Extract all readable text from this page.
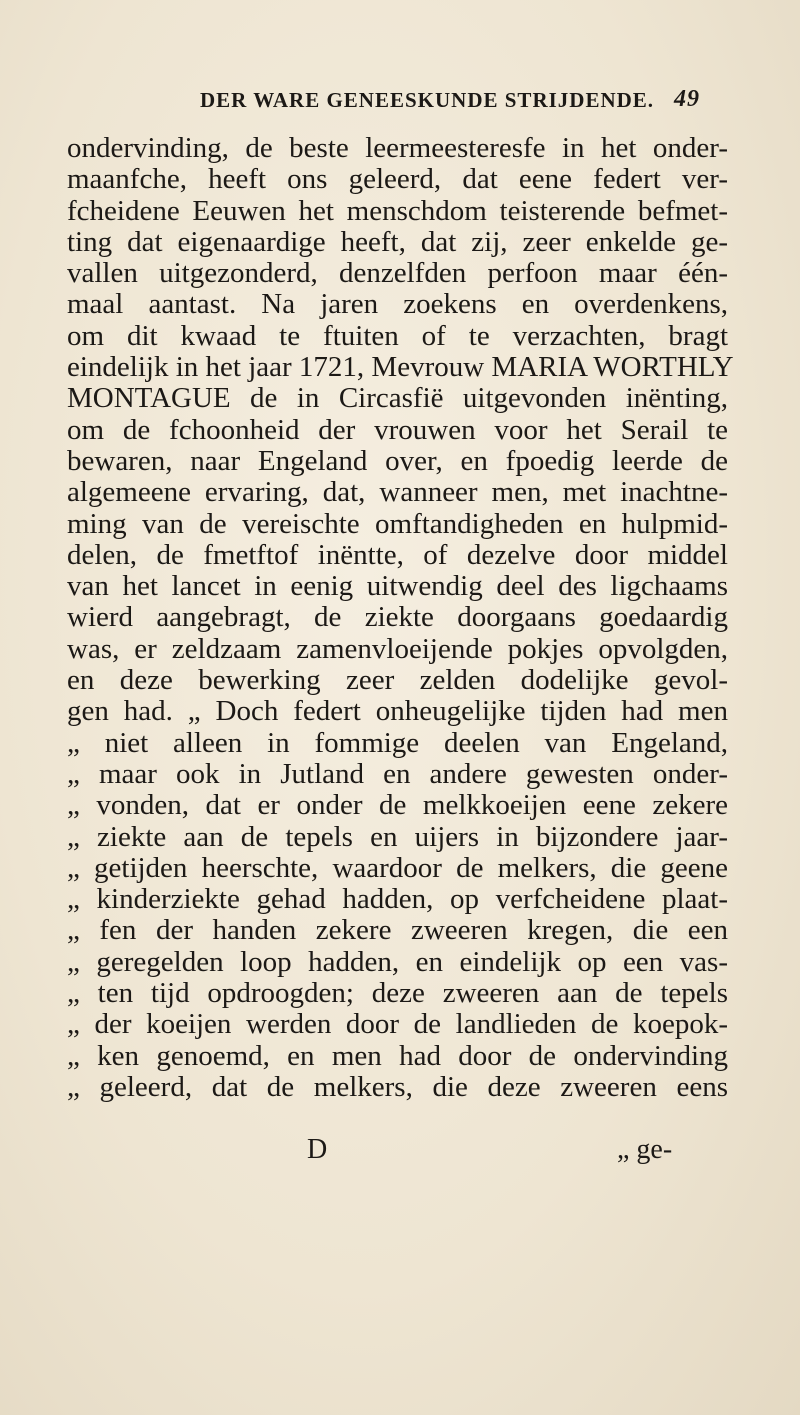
DER WARE GENEESKUNDE STRIJDENDE. 49
ondervinding, de beste leermeesteresfe in het onder-
maanfche, heeft ons geleerd, dat eene federt ver-
fcheidene Eeuwen het menschdom teisterende befmet-
ting dat eigenaardige heeft, dat zij, zeer enkelde ge-
vallen uitgezonderd, denzelfden perfoon maar één-
maal aantast. Na jaren zoekens en overdenkens,
om dit kwaad te ftuiten of te verzachten, bragt
eindelijk in het jaar 1721, Mevrouw MARIA WORTHLY
MONTAGUE de in Circasfië uitgevonden inënting,
om de fchoonheid der vrouwen voor het Serail te
bewaren, naar Engeland over, en fpoedig leerde de
algemeene ervaring, dat, wanneer men, met inachtne-
ming van de vereischte omftandigheden en hulpmid-
delen, de fmetftof inëntte, of dezelve door middel
van het lancet in eenig uitwendig deel des ligchaams
wierd aangebragt, de ziekte doorgaans goedaardig
was, er zeldzaam zamenvloeijende pokjes opvolgden,
en deze bewerking zeer zelden dodelijke gevol-
gen had. „ Doch federt onheugelijke tijden had men
„ niet alleen in fommige deelen van Engeland,
„ maar ook in Jutland en andere gewesten onder-
„ vonden, dat er onder de melkkoeijen eene zekere
„ ziekte aan de tepels en uijers in bijzondere jaar-
„ getijden heerschte, waardoor de melkers, die geene
„ kinderziekte gehad hadden, op verfcheidene plaat-
„ fen der handen zekere zweeren kregen, die een
„ geregelden loop hadden, en eindelijk op een vas-
„ ten tijd opdroogden; deze zweeren aan de tepels
„ der koeijen werden door de landlieden de koepok-
„ ken genoemd, en men had door de ondervinding
„ geleerd, dat de melkers, die deze zweeren eens
D	„ ge-
